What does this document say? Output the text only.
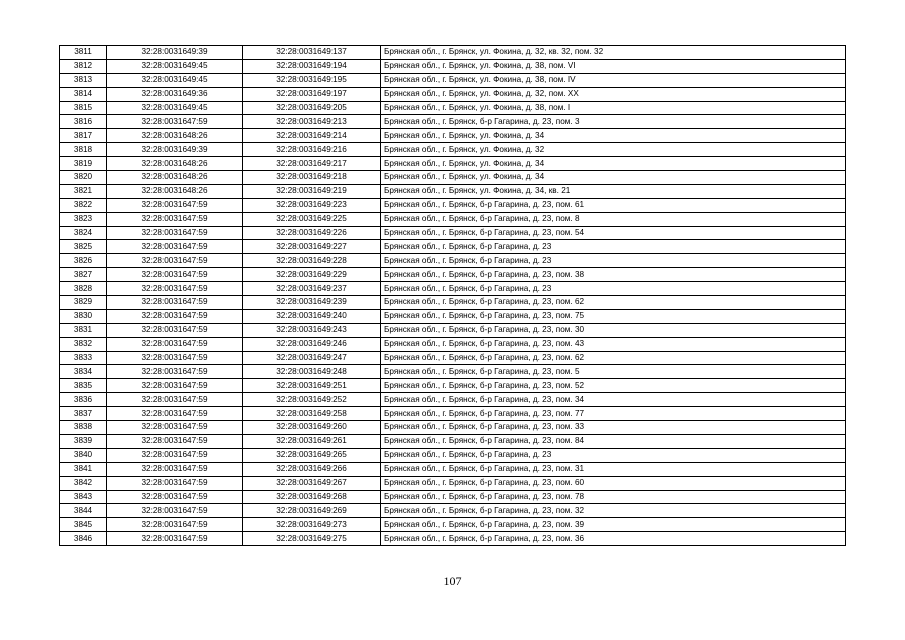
3811	32:28:0031649:39	32:28:0031649:137	Брянская обл., г. Брянск, ул. Фокина, д. 32, кв. 32, пом. 32
3812	32:28:0031649:45	32:28:0031649:194	Брянская обл., г. Брянск, ул. Фокина, д. 38, пом. VI
3813	32:28:0031649:45	32:28:0031649:195	Брянская обл., г. Брянск, ул. Фокина, д. 38, пом. IV
3814	32:28:0031649:36	32:28:0031649:197	Брянская обл., г. Брянск, ул. Фокина, д. 32, пом. XX
3815	32:28:0031649:45	32:28:0031649:205	Брянская обл., г. Брянск, ул. Фокина, д. 38, пом. I
3816	32:28:0031647:59	32:28:0031649:213	Брянская обл., г. Брянск, б-р Гагарина, д. 23, пом. 3
3817	32:28:0031648:26	32:28:0031649:214	Брянская обл., г. Брянск, ул. Фокина, д. 34
3818	32:28:0031649:39	32:28:0031649:216	Брянская обл., г. Брянск, ул. Фокина, д. 32
3819	32:28:0031648:26	32:28:0031649:217	Брянская обл., г. Брянск, ул. Фокина, д. 34
3820	32:28:0031648:26	32:28:0031649:218	Брянская обл., г. Брянск, ул. Фокина, д. 34
3821	32:28:0031648:26	32:28:0031649:219	Брянская обл., г. Брянск, ул. Фокина, д. 34, кв. 21
3822	32:28:0031647:59	32:28:0031649:223	Брянская обл., г. Брянск, б-р Гагарина, д. 23, пом. 61
3823	32:28:0031647:59	32:28:0031649:225	Брянская обл., г. Брянск, б-р Гагарина, д. 23, пом. 8
3824	32:28:0031647:59	32:28:0031649:226	Брянская обл., г. Брянск, б-р Гагарина, д. 23, пом. 54
3825	32:28:0031647:59	32:28:0031649:227	Брянская обл., г. Брянск, б-р Гагарина, д. 23
3826	32:28:0031647:59	32:28:0031649:228	Брянская обл., г. Брянск, б-р Гагарина, д. 23
3827	32:28:0031647:59	32:28:0031649:229	Брянская обл., г. Брянск, б-р Гагарина, д. 23, пом. 38
3828	32:28:0031647:59	32:28:0031649:237	Брянская обл., г. Брянск, б-р Гагарина, д. 23
3829	32:28:0031647:59	32:28:0031649:239	Брянская обл., г. Брянск, б-р Гагарина, д. 23, пом. 62
3830	32:28:0031647:59	32:28:0031649:240	Брянская обл., г. Брянск, б-р Гагарина, д. 23, пом. 75
3831	32:28:0031647:59	32:28:0031649:243	Брянская обл., г. Брянск, б-р Гагарина, д. 23, пом. 30
3832	32:28:0031647:59	32:28:0031649:246	Брянская обл., г. Брянск, б-р Гагарина, д. 23, пом. 43
3833	32:28:0031647:59	32:28:0031649:247	Брянская обл., г. Брянск, б-р Гагарина, д. 23, пом. 62
3834	32:28:0031647:59	32:28:0031649:248	Брянская обл., г. Брянск, б-р Гагарина, д. 23, пом. 5
3835	32:28:0031647:59	32:28:0031649:251	Брянская обл., г. Брянск, б-р Гагарина, д. 23, пом. 52
3836	32:28:0031647:59	32:28:0031649:252	Брянская обл., г. Брянск, б-р Гагарина, д. 23, пом. 34
3837	32:28:0031647:59	32:28:0031649:258	Брянская обл., г. Брянск, б-р Гагарина, д. 23, пом. 77
3838	32:28:0031647:59	32:28:0031649:260	Брянская обл., г. Брянск, б-р Гагарина, д. 23, пом. 33
3839	32:28:0031647:59	32:28:0031649:261	Брянская обл., г. Брянск, б-р Гагарина, д. 23, пом. 84
3840	32:28:0031647:59	32:28:0031649:265	Брянская обл., г. Брянск, б-р Гагарина, д. 23
3841	32:28:0031647:59	32:28:0031649:266	Брянская обл., г. Брянск, б-р Гагарина, д. 23, пом. 31
3842	32:28:0031647:59	32:28:0031649:267	Брянская обл., г. Брянск, б-р Гагарина, д. 23, пом. 60
3843	32:28:0031647:59	32:28:0031649:268	Брянская обл., г. Брянск, б-р Гагарина, д. 23, пом. 78
3844	32:28:0031647:59	32:28:0031649:269	Брянская обл., г. Брянск, б-р Гагарина, д. 23, пом. 32
3845	32:28:0031647:59	32:28:0031649:273	Брянская обл., г. Брянск, б-р Гагарина, д. 23, пом. 39
3846	32:28:0031647:59	32:28:0031649:275	Брянская обл., г. Брянск, б-р Гагарина, д. 23, пом. 36
107
